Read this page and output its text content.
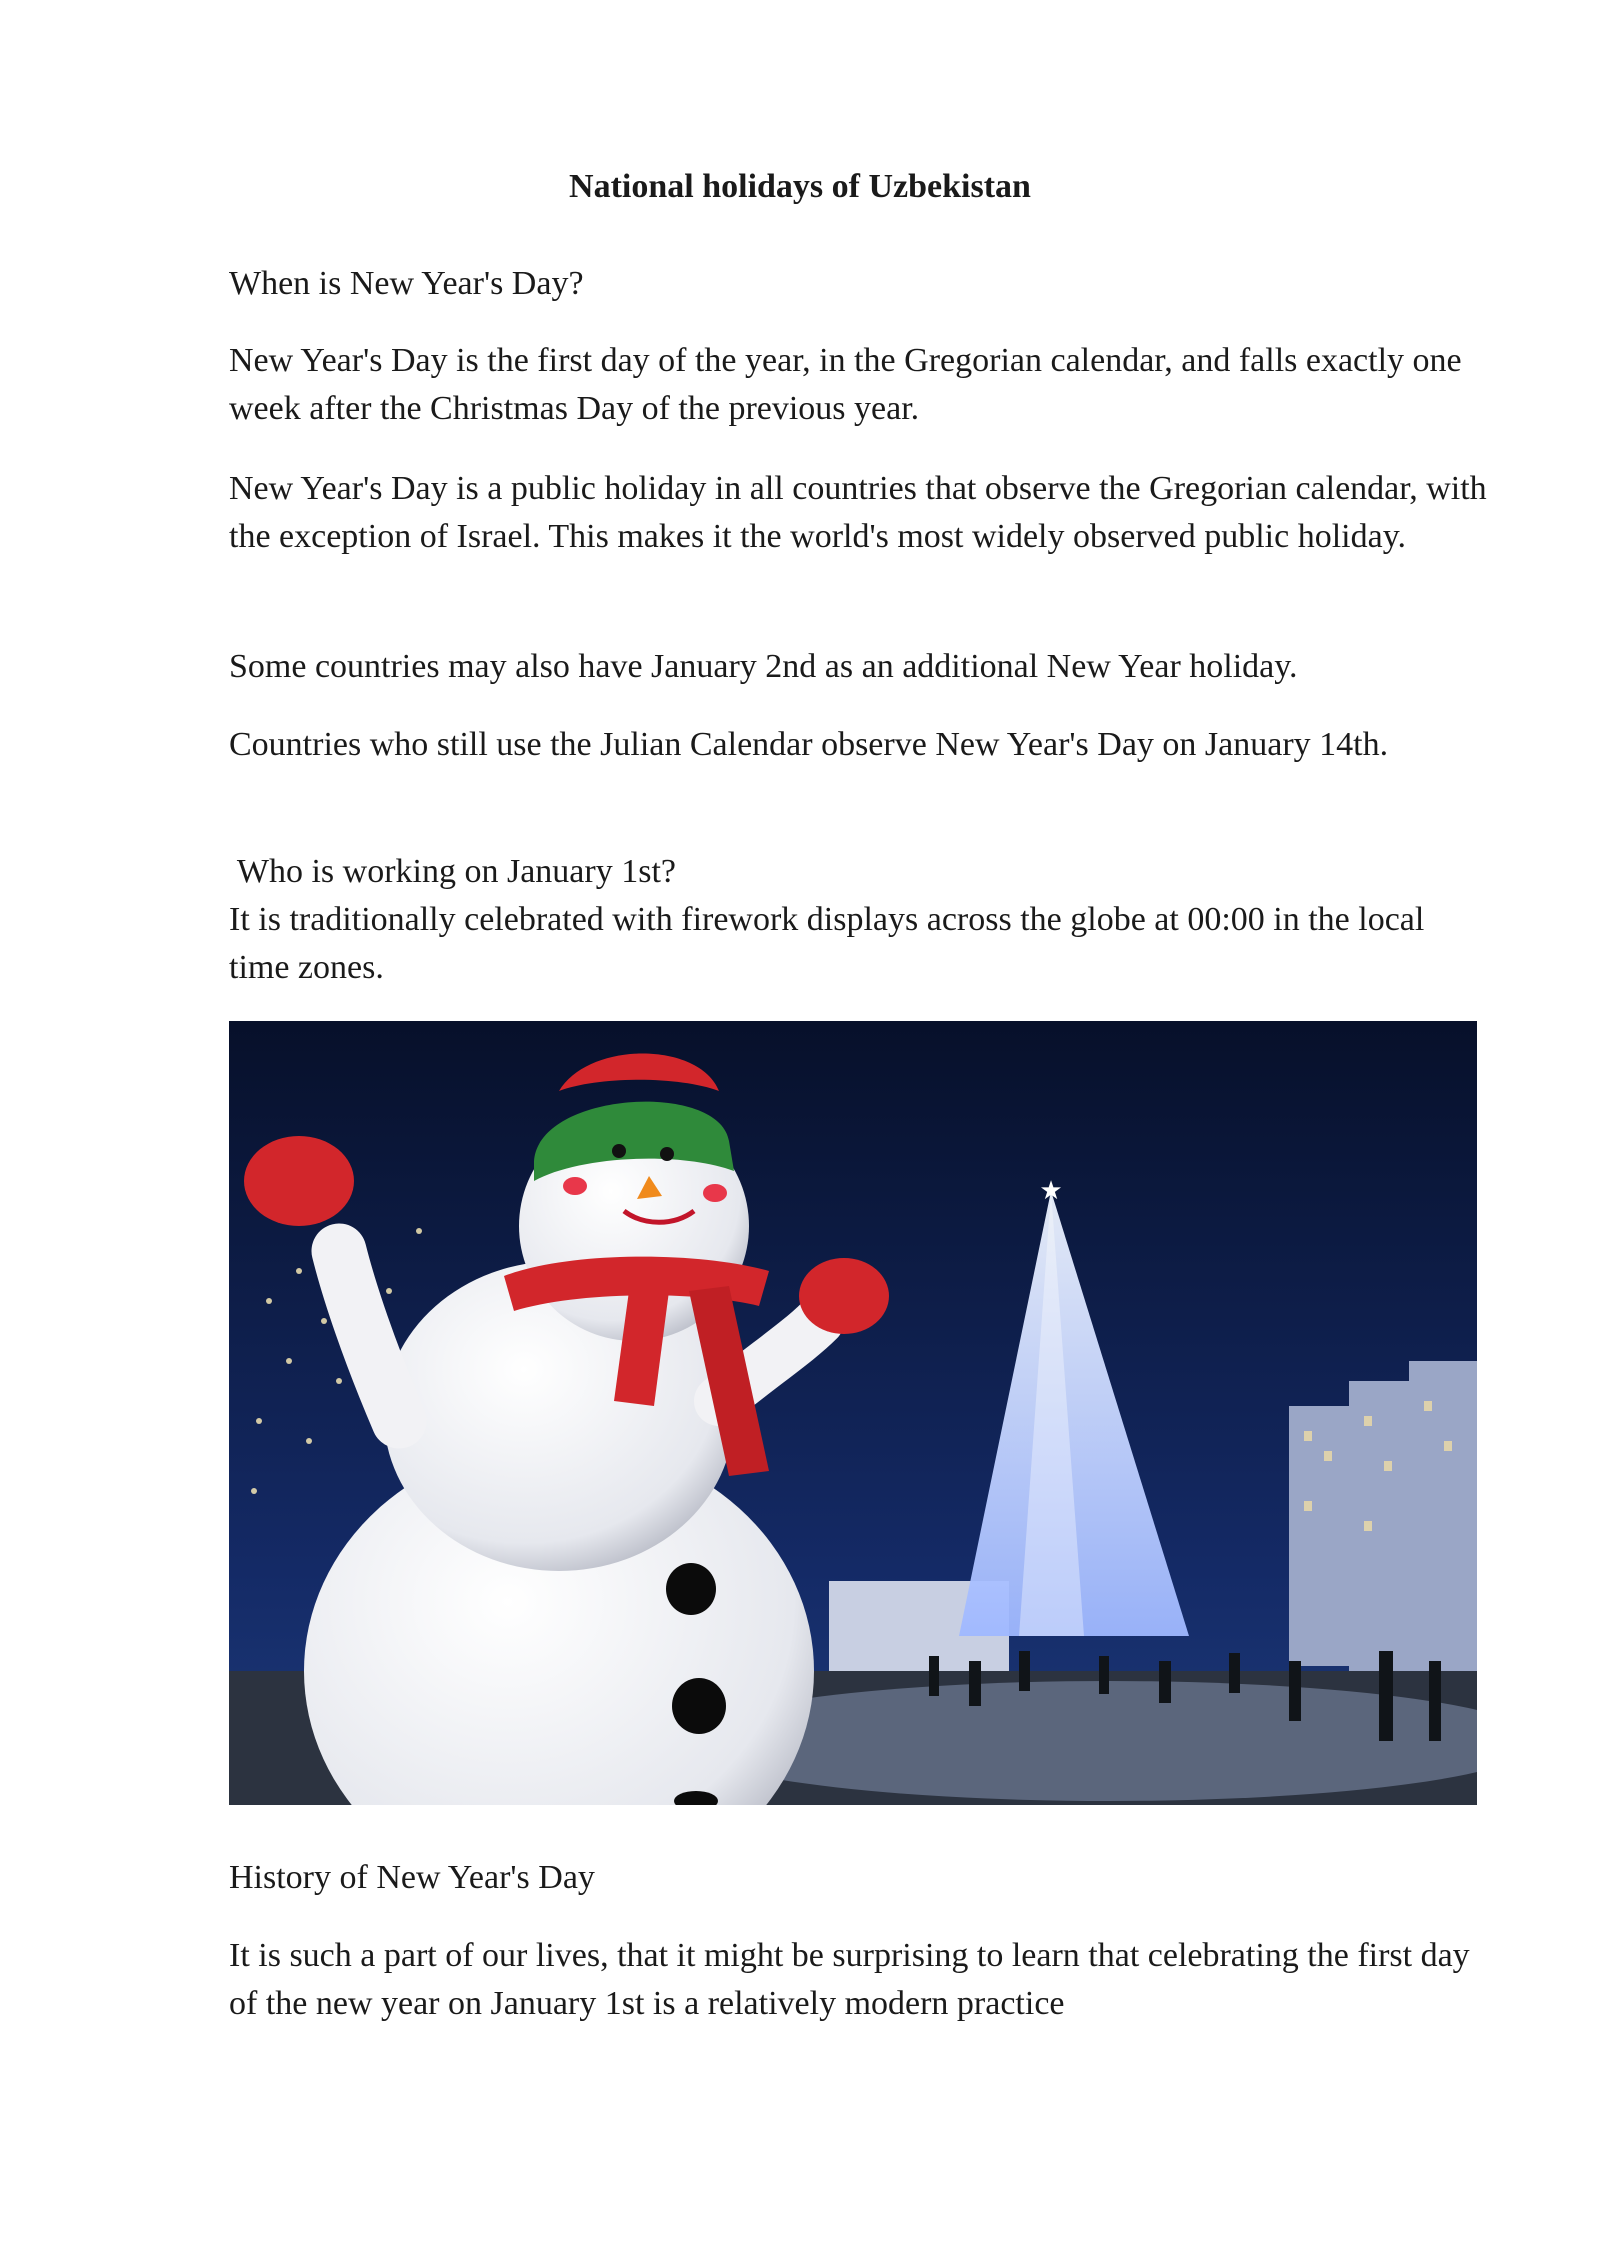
National holidays of Uzbekistan

When is New Year's Day?

New Year's Day is the first day of the year, in the Gregorian calendar, and falls exactly one week after the Christmas Day of the previous year.

New Year's Day is a public holiday in all countries that observe the Gregorian calendar, with the exception of Israel. This makes it the world's most widely observed public holiday.

Some countries may also have January 2nd as an additional New Year holiday.

Countries who still use the Julian Calendar observe New Year's Day on January 14th.

Who is working on January 1st?

It is traditionally celebrated with firework displays across the globe at 00:00 in the local time zones.

★

History of New Year's Day

It is such a part of our lives, that it might be surprising to learn that celebrating the first day of the new year on January 1st is a relatively modern practice
